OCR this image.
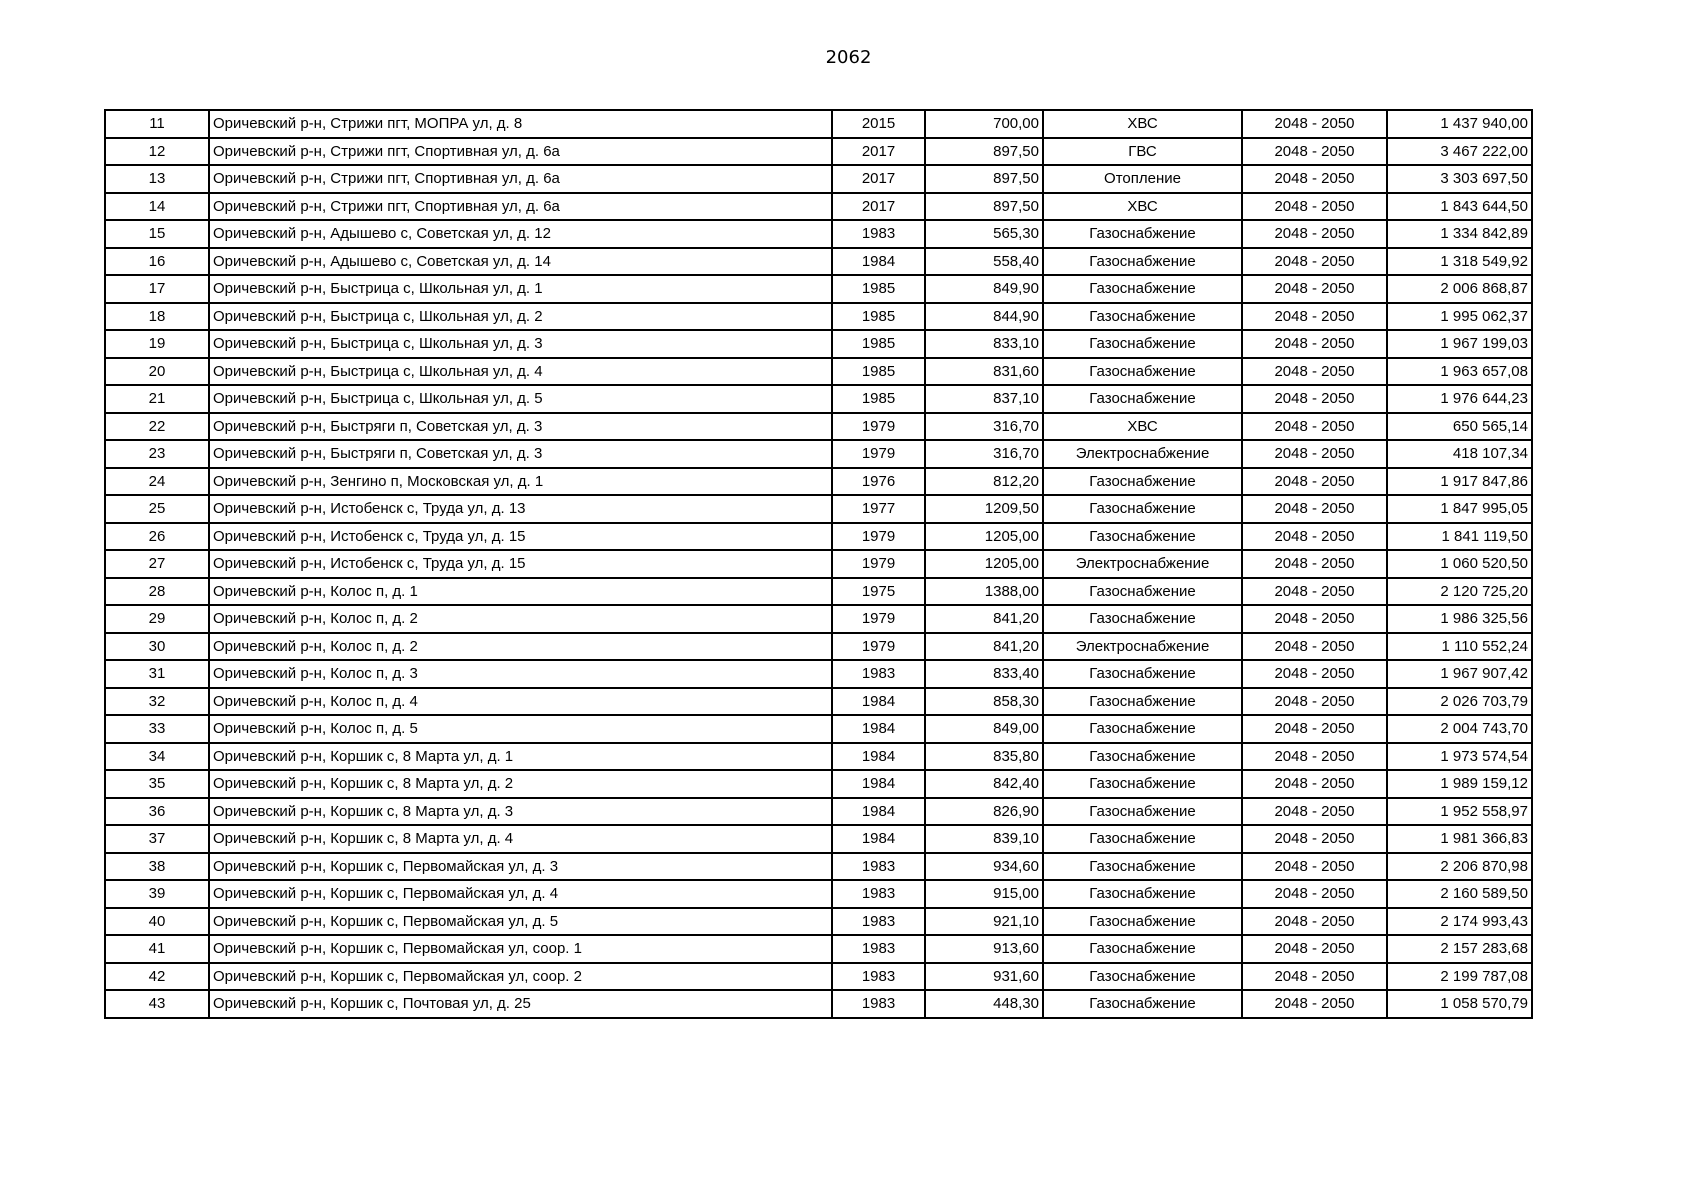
2062
11	Оричевский р-н, Стрижи пгт, МОПРА ул, д. 8	2015	700,00	ХВС	2048 - 2050	1 437 940,00
12	Оричевский р-н, Стрижи пгт, Спортивная ул, д. 6а	2017	897,50	ГВС	2048 - 2050	3 467 222,00
13	Оричевский р-н, Стрижи пгт, Спортивная ул, д. 6а	2017	897,50	Отопление	2048 - 2050	3 303 697,50
14	Оричевский р-н, Стрижи пгт, Спортивная ул, д. 6а	2017	897,50	ХВС	2048 - 2050	1 843 644,50
15	Оричевский р-н, Адышево с, Советская ул, д. 12	1983	565,30	Газоснабжение	2048 - 2050	1 334 842,89
16	Оричевский р-н, Адышево с, Советская ул, д. 14	1984	558,40	Газоснабжение	2048 - 2050	1 318 549,92
17	Оричевский р-н, Быстрица с, Школьная ул, д. 1	1985	849,90	Газоснабжение	2048 - 2050	2 006 868,87
18	Оричевский р-н, Быстрица с, Школьная ул, д. 2	1985	844,90	Газоснабжение	2048 - 2050	1 995 062,37
19	Оричевский р-н, Быстрица с, Школьная ул, д. 3	1985	833,10	Газоснабжение	2048 - 2050	1 967 199,03
20	Оричевский р-н, Быстрица с, Школьная ул, д. 4	1985	831,60	Газоснабжение	2048 - 2050	1 963 657,08
21	Оричевский р-н, Быстрица с, Школьная ул, д. 5	1985	837,10	Газоснабжение	2048 - 2050	1 976 644,23
22	Оричевский р-н, Быстряги п, Советская ул, д. 3	1979	316,70	ХВС	2048 - 2050	650 565,14
23	Оричевский р-н, Быстряги п, Советская ул, д. 3	1979	316,70	Электроснабжение	2048 - 2050	418 107,34
24	Оричевский р-н, Зенгино п, Московская ул, д. 1	1976	812,20	Газоснабжение	2048 - 2050	1 917 847,86
25	Оричевский р-н, Истобенск с, Труда ул, д. 13	1977	1209,50	Газоснабжение	2048 - 2050	1 847 995,05
26	Оричевский р-н, Истобенск с, Труда ул, д. 15	1979	1205,00	Газоснабжение	2048 - 2050	1 841 119,50
27	Оричевский р-н, Истобенск с, Труда ул, д. 15	1979	1205,00	Электроснабжение	2048 - 2050	1 060 520,50
28	Оричевский р-н, Колос п, д. 1	1975	1388,00	Газоснабжение	2048 - 2050	2 120 725,20
29	Оричевский р-н, Колос п, д. 2	1979	841,20	Газоснабжение	2048 - 2050	1 986 325,56
30	Оричевский р-н, Колос п, д. 2	1979	841,20	Электроснабжение	2048 - 2050	1 110 552,24
31	Оричевский р-н, Колос п, д. 3	1983	833,40	Газоснабжение	2048 - 2050	1 967 907,42
32	Оричевский р-н, Колос п, д. 4	1984	858,30	Газоснабжение	2048 - 2050	2 026 703,79
33	Оричевский р-н, Колос п, д. 5	1984	849,00	Газоснабжение	2048 - 2050	2 004 743,70
34	Оричевский р-н, Коршик с, 8 Марта ул, д. 1	1984	835,80	Газоснабжение	2048 - 2050	1 973 574,54
35	Оричевский р-н, Коршик с, 8 Марта ул, д. 2	1984	842,40	Газоснабжение	2048 - 2050	1 989 159,12
36	Оричевский р-н, Коршик с, 8 Марта ул, д. 3	1984	826,90	Газоснабжение	2048 - 2050	1 952 558,97
37	Оричевский р-н, Коршик с, 8 Марта ул, д. 4	1984	839,10	Газоснабжение	2048 - 2050	1 981 366,83
38	Оричевский р-н, Коршик с, Первомайская ул, д. 3	1983	934,60	Газоснабжение	2048 - 2050	2 206 870,98
39	Оричевский р-н, Коршик с, Первомайская ул, д. 4	1983	915,00	Газоснабжение	2048 - 2050	2 160 589,50
40	Оричевский р-н, Коршик с, Первомайская ул, д. 5	1983	921,10	Газоснабжение	2048 - 2050	2 174 993,43
41	Оричевский р-н, Коршик с, Первомайская ул, соор. 1	1983	913,60	Газоснабжение	2048 - 2050	2 157 283,68
42	Оричевский р-н, Коршик с, Первомайская ул, соор. 2	1983	931,60	Газоснабжение	2048 - 2050	2 199 787,08
43	Оричевский р-н, Коршик с, Почтовая ул, д. 25	1983	448,30	Газоснабжение	2048 - 2050	1 058 570,79
